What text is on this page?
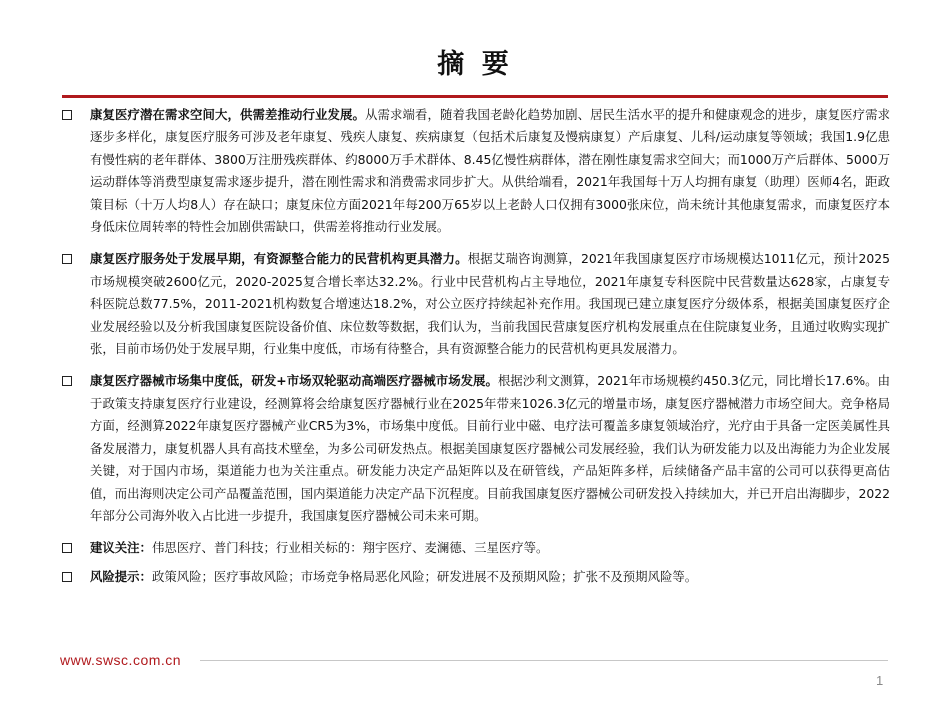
摘 要
康复医疗潜在需求空间大，供需差推动行业发展。从需求端看，随着我国老龄化趋势加剧、居民生活水平的提升和健康观念的进步，康复医疗需求逐步多样化，康复医疗服务可涉及老年康复、残疾人康复、疾病康复（包括术后康复及慢病康复）产后康复、儿科/运动康复等领域；我国1.9亿患有慢性病的老年群体、3800万注册残疾群体、约8000万手术群体、8.45亿慢性病群体，潜在刚性康复需求空间大；而1000万产后群体、5000万运动群体等消费型康复需求逐步提升，潜在刚性需求和消费需求同步扩大。从供给端看，2021年我国每十万人均拥有康复（助理）医师4名，距政策目标（十万人均8人）存在缺口；康复床位方面2021年每200万65岁以上老龄人口仅拥有3000张床位，尚未统计其他康复需求，而康复医疗本身低床位周转率的特性会加剧供需缺口，供需差将推动行业发展。
康复医疗服务处于发展早期，有资源整合能力的民营机构更具潜力。根据艾瑞咨询测算，2021年我国康复医疗市场规模达1011亿元，预计2025市场规模突破2600亿元，2020-2025复合增长率达32.2%。行业中民营机构占主导地位，2021年康复专科医院中民营数量达628家，占康复专科医院总数77.5%，2011-2021机构数复合增速达18.2%，对公立医疗持续起补充作用。我国现已建立康复医疗分级体系，根据美国康复医疗企业发展经验以及分析我国康复医院设备价值、床位数等数据，我们认为，当前我国民营康复医疗机构发展重点在住院康复业务，且通过收购实现扩张，目前市场仍处于发展早期，行业集中度低，市场有待整合，具有资源整合能力的民营机构更具发展潜力。
康复医疗器械市场集中度低，研发+市场双轮驱动高端医疗器械市场发展。根据沙利文测算，2021年市场规模约450.3亿元，同比增长17.6%。由于政策支持康复医疗行业建设，经测算将会给康复医疗器械行业在2025年带来1026.3亿元的增量市场，康复医疗器械潜力市场空间大。竞争格局方面，经测算2022年康复医疗器械产业CR5为3%，市场集中度低。目前行业中磁、电疗法可覆盖多康复领域治疗，光疗由于具备一定医美属性具备发展潜力，康复机器人具有高技术壁垒，为多公司研发热点。根据美国康复医疗器械公司发展经验，我们认为研发能力以及出海能力为企业发展关键，对于国内市场，渠道能力也为关注重点。研发能力决定产品矩阵以及在研管线，产品矩阵多样，后续储备产品丰富的公司可以获得更高估值，而出海则决定公司产品覆盖范围，国内渠道能力决定产品下沉程度。目前我国康复医疗器械公司研发投入持续加大，并已开启出海脚步，2022年部分公司海外收入占比进一步提升，我国康复医疗器械公司未来可期。
建议关注：伟思医疗、普门科技；行业相关标的：翔宇医疗、麦澜德、三星医疗等。
风险提示：政策风险；医疗事故风险；市场竞争格局恶化风险；研发进展不及预期风险；扩张不及预期风险等。
www.swsc.com.cn
1
